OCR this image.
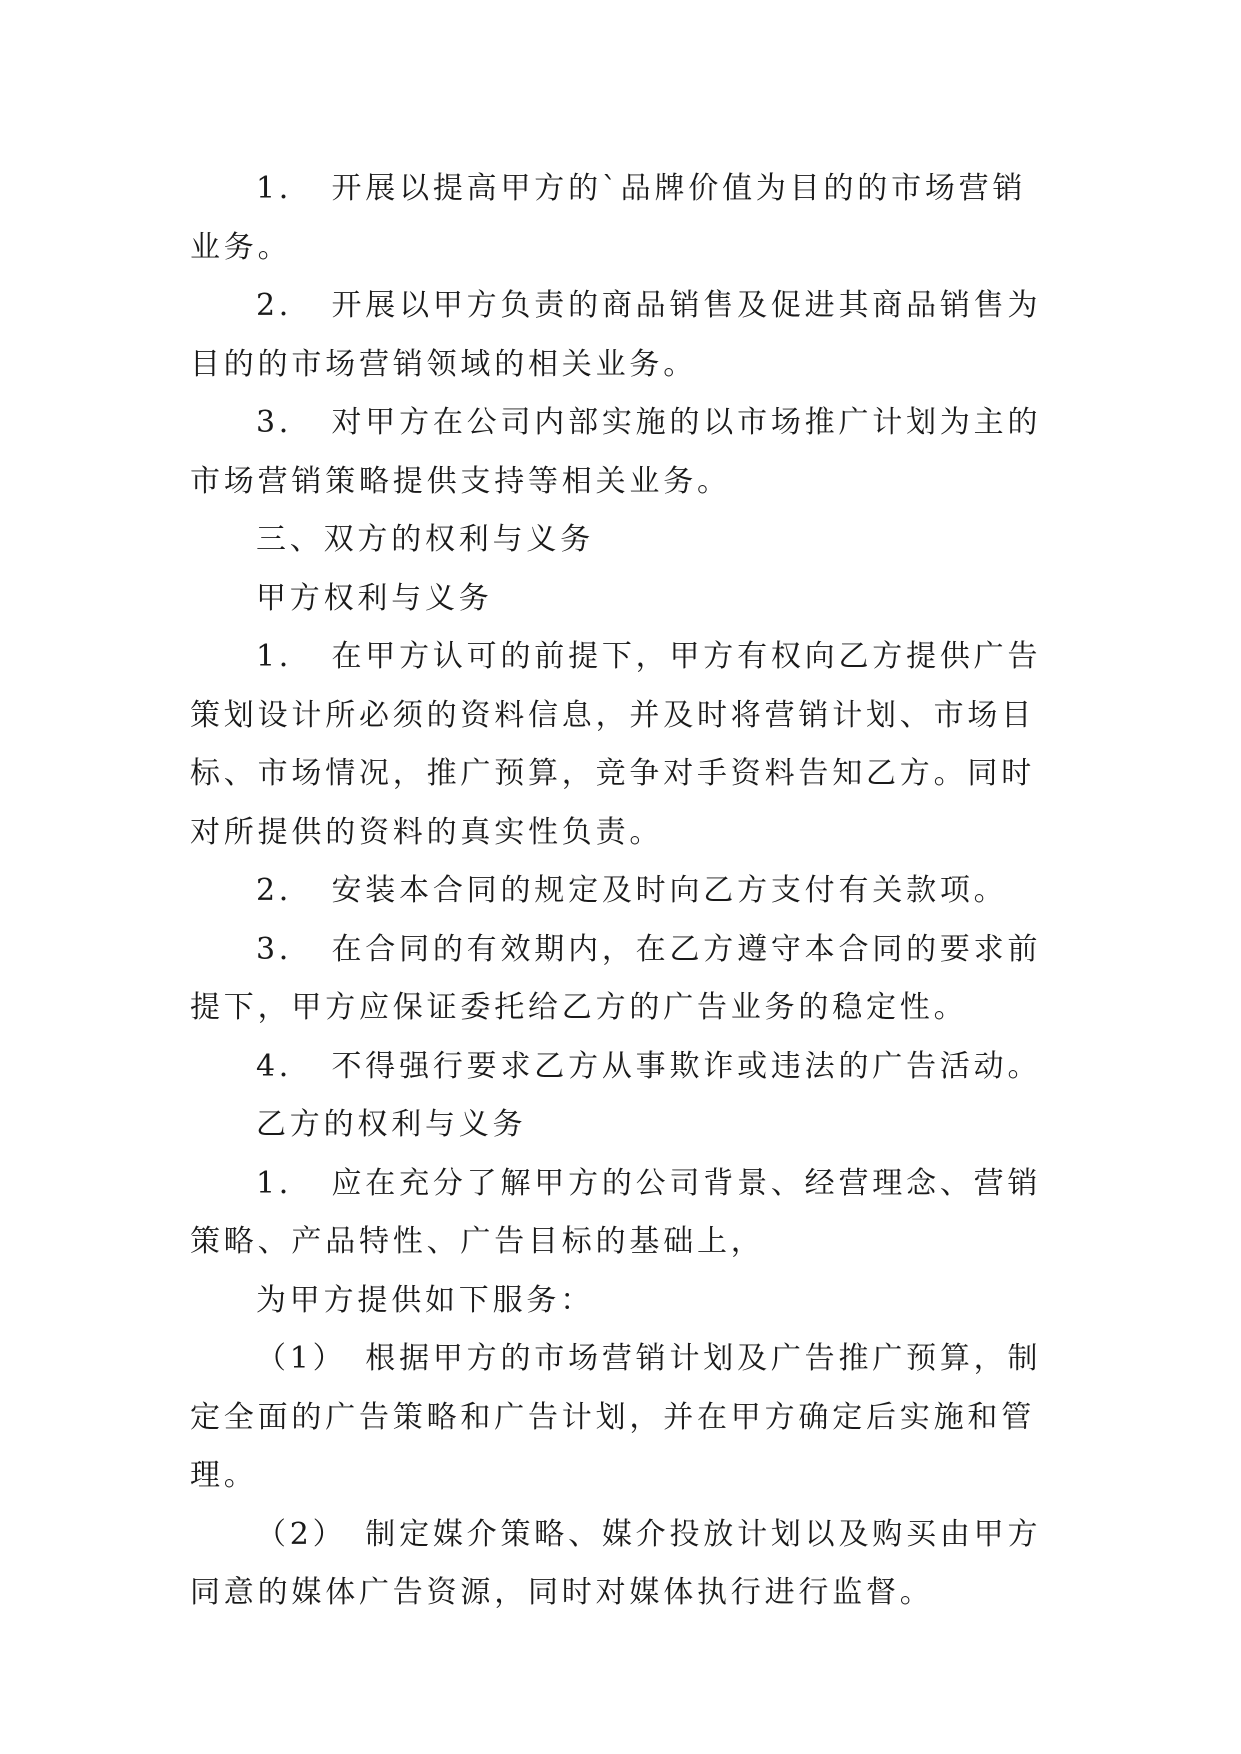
1．　开展以提高甲方的`品牌价值为目的的市场营销业务。

2．　开展以甲方负责的商品销售及促进其商品销售为目的的市场营销领域的相关业务。

3．　对甲方在公司内部实施的以市场推广计划为主的市场营销策略提供支持等相关业务。

三、双方的权利与义务

甲方权利与义务

1．　在甲方认可的前提下，甲方有权向乙方提供广告策划设计所必须的资料信息，并及时将营销计划、市场目标、市场情况，推广预算，竞争对手资料告知乙方。同时对所提供的资料的真实性负责。

2．　安装本合同的规定及时向乙方支付有关款项。

3．　在合同的有效期内，在乙方遵守本合同的要求前提下，甲方应保证委托给乙方的广告业务的稳定性。

4．　不得强行要求乙方从事欺诈或违法的广告活动。

乙方的权利与义务

1．　应在充分了解甲方的公司背景、经营理念、营销策略、产品特性、广告目标的基础上，

为甲方提供如下服务：

（1）　根据甲方的市场营销计划及广告推广预算，制定全面的广告策略和广告计划，并在甲方确定后实施和管理。

（2）　制定媒介策略、媒介投放计划以及购买由甲方同意的媒体广告资源，同时对媒体执行进行监督。
